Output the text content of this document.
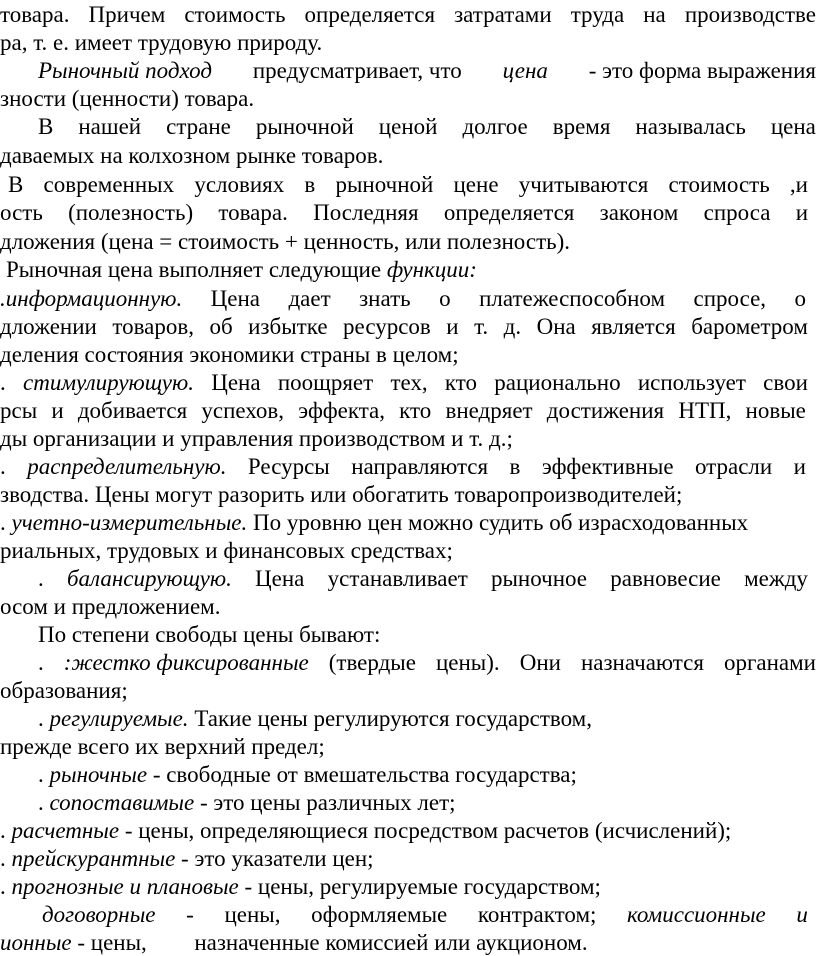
товара. Причем стоимость определяется затратами труда на производстве
ра, т. е. имеет трудовую природу.
Рыночный подход предусматривает, что цена - это форма выражения
зности (ценности) товара.
В нашей стране рыночной ценой долгое время называлась цена
даваемых на колхозном рынке товаров.
В современных условиях в рыночной цене учитываются стоимость ,и
ость (полезность) товара. Последняя определяется законом спроса и
дложения (цена = стоимость + ценность, или полезность).
Рыночная цена выполняет следующие функции:
.информационную. Цена дает знать о платежеспособном спросе, о
дложении товаров, об избытке ресурсов и т. д. Она является барометром
деления состояния экономики страны в целом;
. стимулирующую. Цена поощряет тех, кто рационально использует свои
рсы и добивается успехов, эффекта, кто внедряет достижения НТП, новые
ды организации и управления производством и т. д.;
. распределительную. Ресурсы направляются в эффективные отрасли и
зводства. Цены могут разорить или обогатить товаропроизводителей;
. учетно-измерительные. По уровню цен можно судить об израсходованных
риальных, трудовых и финансовых средствах;
. балансирующую. Цена устанавливает рыночное равновесие между
осом и предложением.
По степени свободы цены бывают:
. :жестко фиксированные (твердые цены). Они назначаются органами
образования;
. регулируемые. Такие цены регулируются государством,
прежде всего их верхний предел;
. рыночные - свободные от вмешательства государства;
. сопоставимые - это цены различных лет;
. расчетные - цены, определяющиеся посредством расчетов (исчислений);
. прейскурантные - это указатели цен;
. прогнозные и плановые - цены, регулируемые государством;
договорные - цены, оформляемые контрактом; комиссионные и
ионные - цены, назначенные комиссией или аукционом.
